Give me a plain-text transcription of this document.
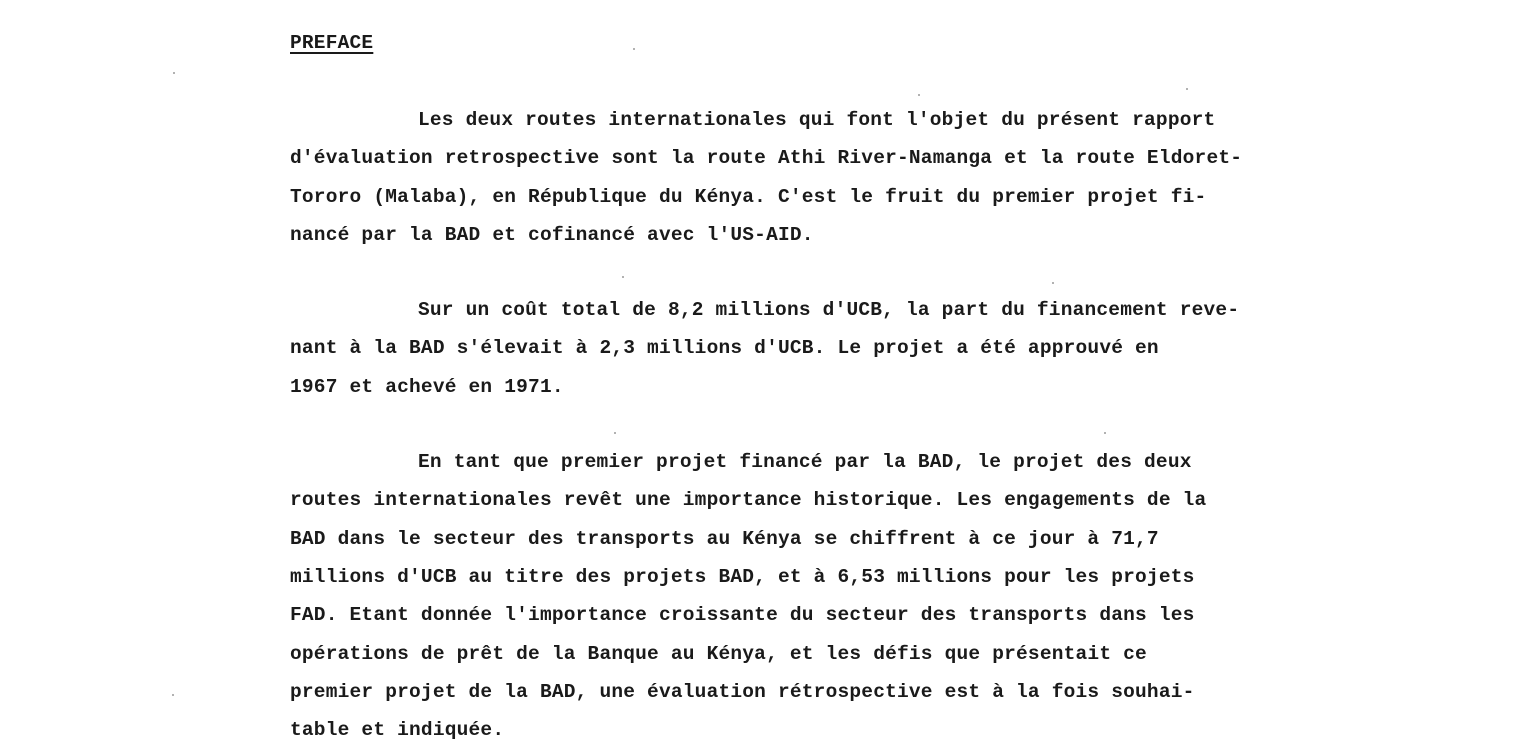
PREFACE
Les deux routes internationales qui font l'objet du présent rapport
d'évaluation retrospective sont la route Athi River-Namanga et la route Eldoret-
Tororo (Malaba), en République du Kénya. C'est le fruit du premier projet fi-
nancé par la BAD et cofinancé avec l'US-AID.
Sur un coût total de 8,2 millions d'UCB, la part du financement reve-
nant à la BAD s'élevait à 2,3 millions d'UCB. Le projet a été approuvé en
1967 et achevé en 1971.
En tant que premier projet financé par la BAD, le projet des deux
routes internationales revêt une importance historique. Les engagements de la
BAD dans le secteur des transports au Kénya se chiffrent à ce jour à 71,7
millions d'UCB au titre des projets BAD, et à 6,53 millions pour les projets
FAD. Etant donnée l'importance croissante du secteur des transports dans les
opérations de prêt de la Banque au Kénya, et les défis que présentait ce
premier projet de la BAD, une évaluation rétrospective est à la fois souhai-
table et indiquée.
